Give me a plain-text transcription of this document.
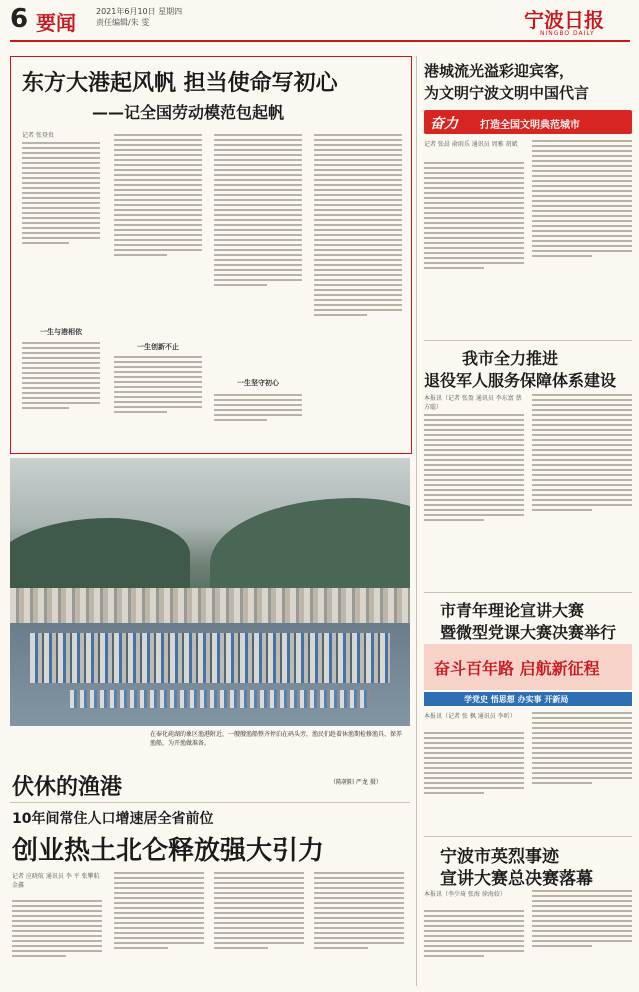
6 要闻	2021年6月10日 星期四
责任编辑/朱 雯	宁波日报
NINGBO DAILY
东方大港起风帆 担当使命写初心
——记全国劳动模范包起帆
记者 张登贵
一生与港相依
一生创新不止
一生坚守初心
伏休的渔港
在奉化莼湖的象区渔港附近，一艘艘渔船整齐停泊在码头旁，渔民们趁着休渔期检修渔具、保养渔船，为开渔做准备。
（陈朝阳 严龙 摄）
10年间常住人口增速居全省前位
创业热土北仑释放强大引力
记者 应晓航 通讯员 李 平 张攀航 金鑫
港城流光溢彩迎宾客，
为文明宁波文明中国代言
奋力 打造全国文明典范城市
记者 张晨 俞雨乐 通讯员 周雅 胡斌
我市全力推进
退役军人服务保障体系建设
本报讯（记者 张盈 通讯员 李东富 蔡方聪）
市青年理论宣讲大赛
暨微型党课大赛决赛举行
奋斗百年路 启航新征程
学党史 悟思想 办实事 开新局
本报讯（记者 张 枫 通讯员 李昕）
宁波市英烈事迹
宣讲大赛总决赛落幕
本报讯（李少琦 张海 徐海姣）
